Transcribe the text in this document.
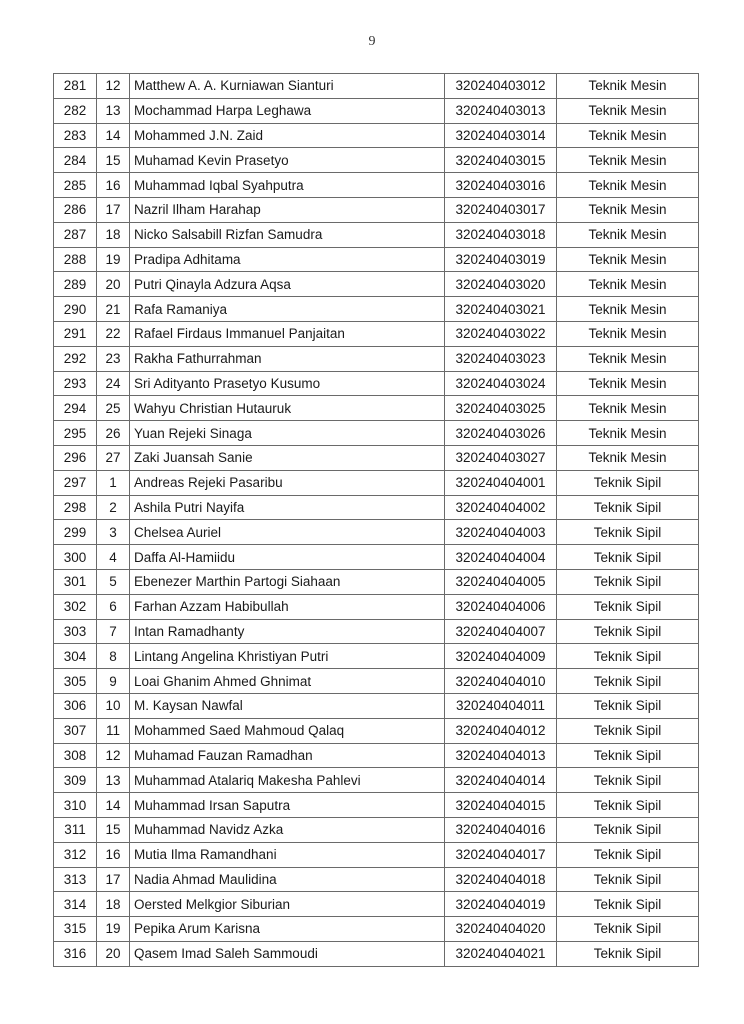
9
281	12	Matthew A. A. Kurniawan Sianturi	320240403012	Teknik Mesin
282	13	Mochammad Harpa Leghawa	320240403013	Teknik Mesin
283	14	Mohammed J.N. Zaid	320240403014	Teknik Mesin
284	15	Muhamad Kevin Prasetyo	320240403015	Teknik Mesin
285	16	Muhammad Iqbal Syahputra	320240403016	Teknik Mesin
286	17	Nazril Ilham Harahap	320240403017	Teknik Mesin
287	18	Nicko Salsabill Rizfan Samudra	320240403018	Teknik Mesin
288	19	Pradipa Adhitama	320240403019	Teknik Mesin
289	20	Putri Qinayla Adzura Aqsa	320240403020	Teknik Mesin
290	21	Rafa Ramaniya	320240403021	Teknik Mesin
291	22	Rafael Firdaus Immanuel Panjaitan	320240403022	Teknik Mesin
292	23	Rakha Fathurrahman	320240403023	Teknik Mesin
293	24	Sri Adityanto Prasetyo Kusumo	320240403024	Teknik Mesin
294	25	Wahyu Christian Hutauruk	320240403025	Teknik Mesin
295	26	Yuan Rejeki Sinaga	320240403026	Teknik Mesin
296	27	Zaki Juansah Sanie	320240403027	Teknik Mesin
297	1	Andreas Rejeki Pasaribu	320240404001	Teknik Sipil
298	2	Ashila Putri Nayifa	320240404002	Teknik Sipil
299	3	Chelsea Auriel	320240404003	Teknik Sipil
300	4	Daffa Al-Hamiidu	320240404004	Teknik Sipil
301	5	Ebenezer Marthin Partogi Siahaan	320240404005	Teknik Sipil
302	6	Farhan Azzam Habibullah	320240404006	Teknik Sipil
303	7	Intan Ramadhanty	320240404007	Teknik Sipil
304	8	Lintang Angelina Khristiyan Putri	320240404009	Teknik Sipil
305	9	Loai Ghanim Ahmed Ghnimat	320240404010	Teknik Sipil
306	10	M. Kaysan Nawfal	320240404011	Teknik Sipil
307	11	Mohammed Saed Mahmoud Qalaq	320240404012	Teknik Sipil
308	12	Muhamad Fauzan Ramadhan	320240404013	Teknik Sipil
309	13	Muhammad Atalariq Makesha Pahlevi	320240404014	Teknik Sipil
310	14	Muhammad Irsan Saputra	320240404015	Teknik Sipil
311	15	Muhammad Navidz Azka	320240404016	Teknik Sipil
312	16	Mutia Ilma Ramandhani	320240404017	Teknik Sipil
313	17	Nadia Ahmad Maulidina	320240404018	Teknik Sipil
314	18	Oersted Melkgior Siburian	320240404019	Teknik Sipil
315	19	Pepika Arum Karisna	320240404020	Teknik Sipil
316	20	Qasem Imad Saleh Sammoudi	320240404021	Teknik Sipil
